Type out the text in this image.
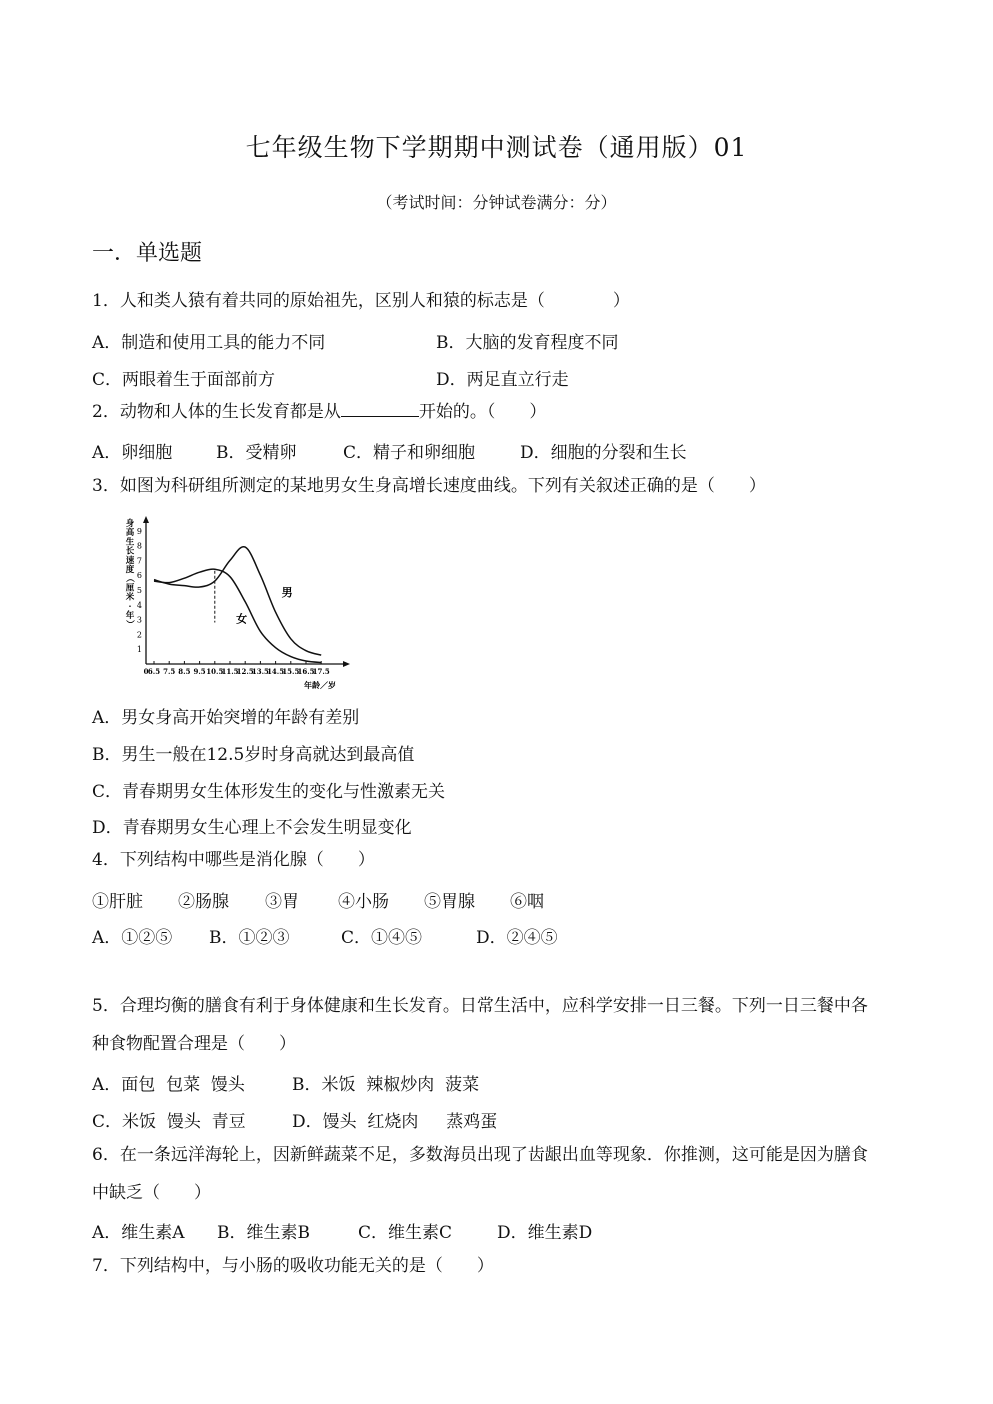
七年级生物下学期期中测试卷（通用版）01
（考试时间：分钟试卷满分：分）
一．单选题
1．人和类人猿有着共同的原始祖先，区别人和猿的标志是（　　　　）
A．制造和使用工具的能力不同	B．大脑的发育程度不同
C．两眼着生于面部前方	D．两足直立行走
2．动物和人体的生长发育都是从	开始的。（　　）
A．卵细胞	B．受精卵	C．精子和卵细胞	D．细胞的分裂和生长
3．如图为科研组所测定的某地男女生身高增长速度曲线。下列有关叙述正确的是（　　）
身
高
生
长
速
度
（
厘
米
·
年
）
1
2
3
4
5
6
7
8
9
0 6.5 7.5 8.5 9.5 10.5
11.5
12.5
13.5
14.5
15.5
16.5
17.5
男
女
年龄／岁
A．男女身高开始突增的年龄有差别
B．男生一般在12.5岁时身高就达到最高值
C．青春期男女生体形发生的变化与性激素无关
D．青春期男女生心理上不会发生明显变化
4．下列结构中哪些是消化腺（　　）
①肝脏 ②肠腺 ③胃 ④小肠 ⑤胃腺 ⑥咽
A．①②⑤ B．①②③	C．①④⑤	D．②④⑤
5．合理均衡的膳食有利于身体健康和生长发育。日常生活中，应科学安排一日三餐。下列一日三餐中各
种食物配置合理是（　　）
A．面包  包菜  馒头	B．米饭  辣椒炒肉  菠菜
C．米饭  馒头  青豆	D．馒头  红烧肉　  蒸鸡蛋
6．在一条远洋海轮上，因新鲜蔬菜不足，多数海员出现了齿龈出血等现象．你推测，这可能是因为膳食
中缺乏（　　）
A．维生素A B．维生素B	C．维生素C	D．维生素D
7．下列结构中，与小肠的吸收功能无关的是（　　）
